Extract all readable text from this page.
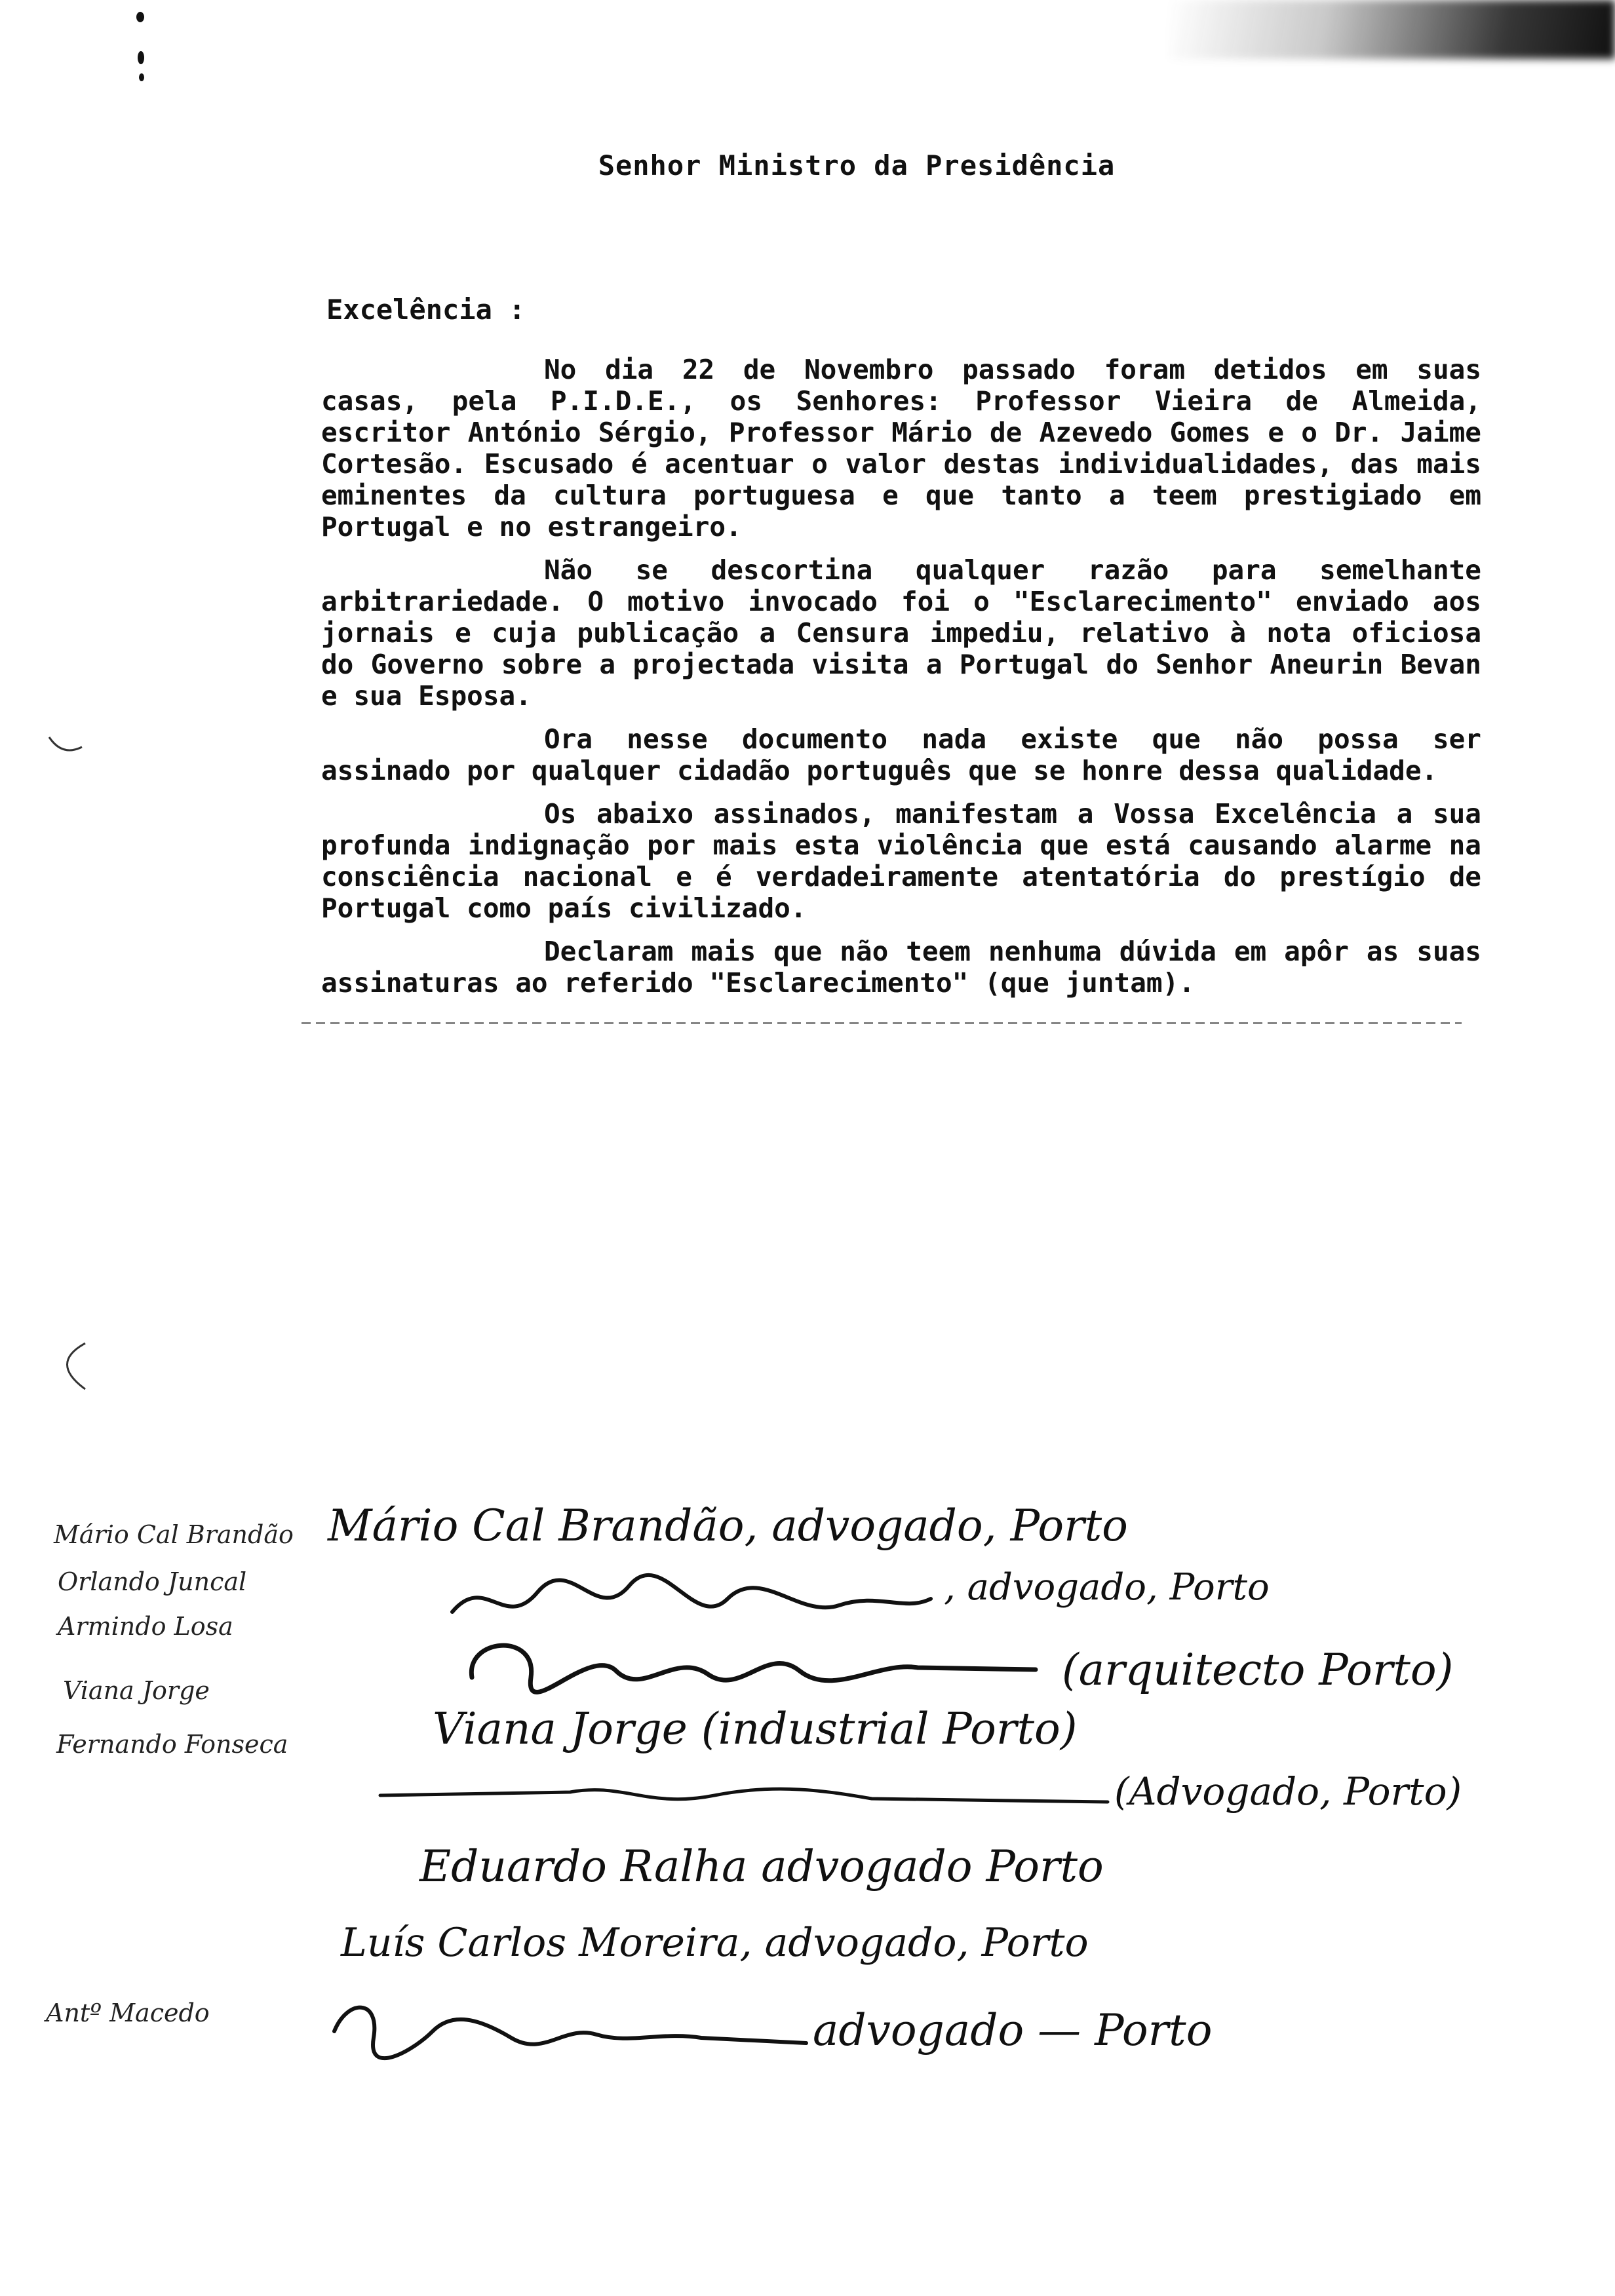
Senhor Ministro da Presidência
Excelência :

No dia 22 de Novembro passado foram detidos em suas casas, pela P.I.D.E., os Senhores: Professor Vieira de Almeida, escritor António Sérgio, Professor Mário de Azevedo Gomes e o Dr. Jaime Cortesão. Escusado é acentuar o valor destas individualidades, das mais eminentes da cultura portuguesa e que tanto a teem prestigiado em Portugal e no estrangeiro.

Não se descortina qualquer razão para semelhante arbitrariedade. O motivo invocado foi o "Esclarecimento" enviado aos jornais e cuja publicação a Censura impediu, relativo à nota oficiosa do Governo sobre a projectada visita a Portugal do Senhor Aneurin Bevan e sua Esposa.

Ora nesse documento nada existe que não possa ser assinado por qualquer cidadão português que se honre dessa qualidade.

Os abaixo assinados, manifestam a Vossa Excelência a sua profunda indignação por mais esta violência que está causando alarme na consciência nacional e é verdadeiramente atentatória do prestígio de Portugal como país civilizado.

Declaram mais que não teem nenhuma dúvida em apôr as suas assinaturas ao referido "Esclarecimento" (que juntam).

Mário Cal Brandão
Orlando Juncal
Armindo Losa
Viana Jorge
Fernando Fonseca
Antº Macedo
Mário Cal Brandão, advogado, Porto
, advogado, Porto
(arquitecto Porto)
Viana Jorge (industrial Porto)
(Advogado, Porto)
Eduardo Ralha advogado Porto
Luís Carlos Moreira, advogado, Porto
advogado — Porto
